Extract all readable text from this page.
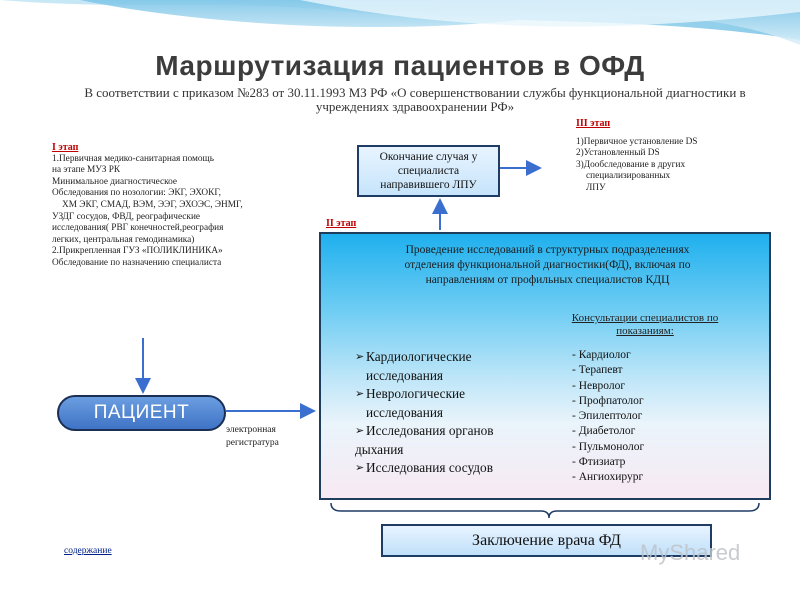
Маршрутизация пациентов в ОФД
В соответствии с приказом №283 от 30.11.1993 МЗ РФ «О совершенствовании службы функциональной диагностики в учреждениях здравоохранении РФ»
I этап
1.Первичная медико-санитарная помощь
на этапе МУЗ РК
Минимальное диагностическое
Обследования по нозологии: ЭКГ, ЭХОКГ,
ХМ ЭКГ, СМАД, ВЭМ, ЭЭГ, ЭХОЭС, ЭНМГ,
УЗДГ сосудов, ФВД, реографические
исследования( РВГ конечностей,реография
легких, центральная гемодинамика)
2.Прикрепленная ГУЗ «ПОЛИКЛИНИКА»
Обследование по назначению специалиста
Окончание случая у
специалиста
направившего ЛПУ
III этап
1)Первичное установление DS
2)Установленный DS
3)Дообследование в других
специализированных
ЛПУ
II этап
Проведение исследований в структурных подразделениях
отделения функциональной диагностики(ФД), включая по
направлениям от профильных специалистов КДЦ
Консультации специалистов по
показаниям:
➢ Кардиологические
исследования
➢ Неврологические
исследования
➢ Исследования органов
дыхания
➢ Исследования сосудов
- Кардиолог
- Терапевт
- Невролог
- Профпатолог
- Эпилептолог
- Диабетолог
- Пульмонолог
- Фтизиатр
- Ангиохирург
ПАЦИЕНТ
электронная
регистратура
Заключение врача ФД
содержание	MyShared
